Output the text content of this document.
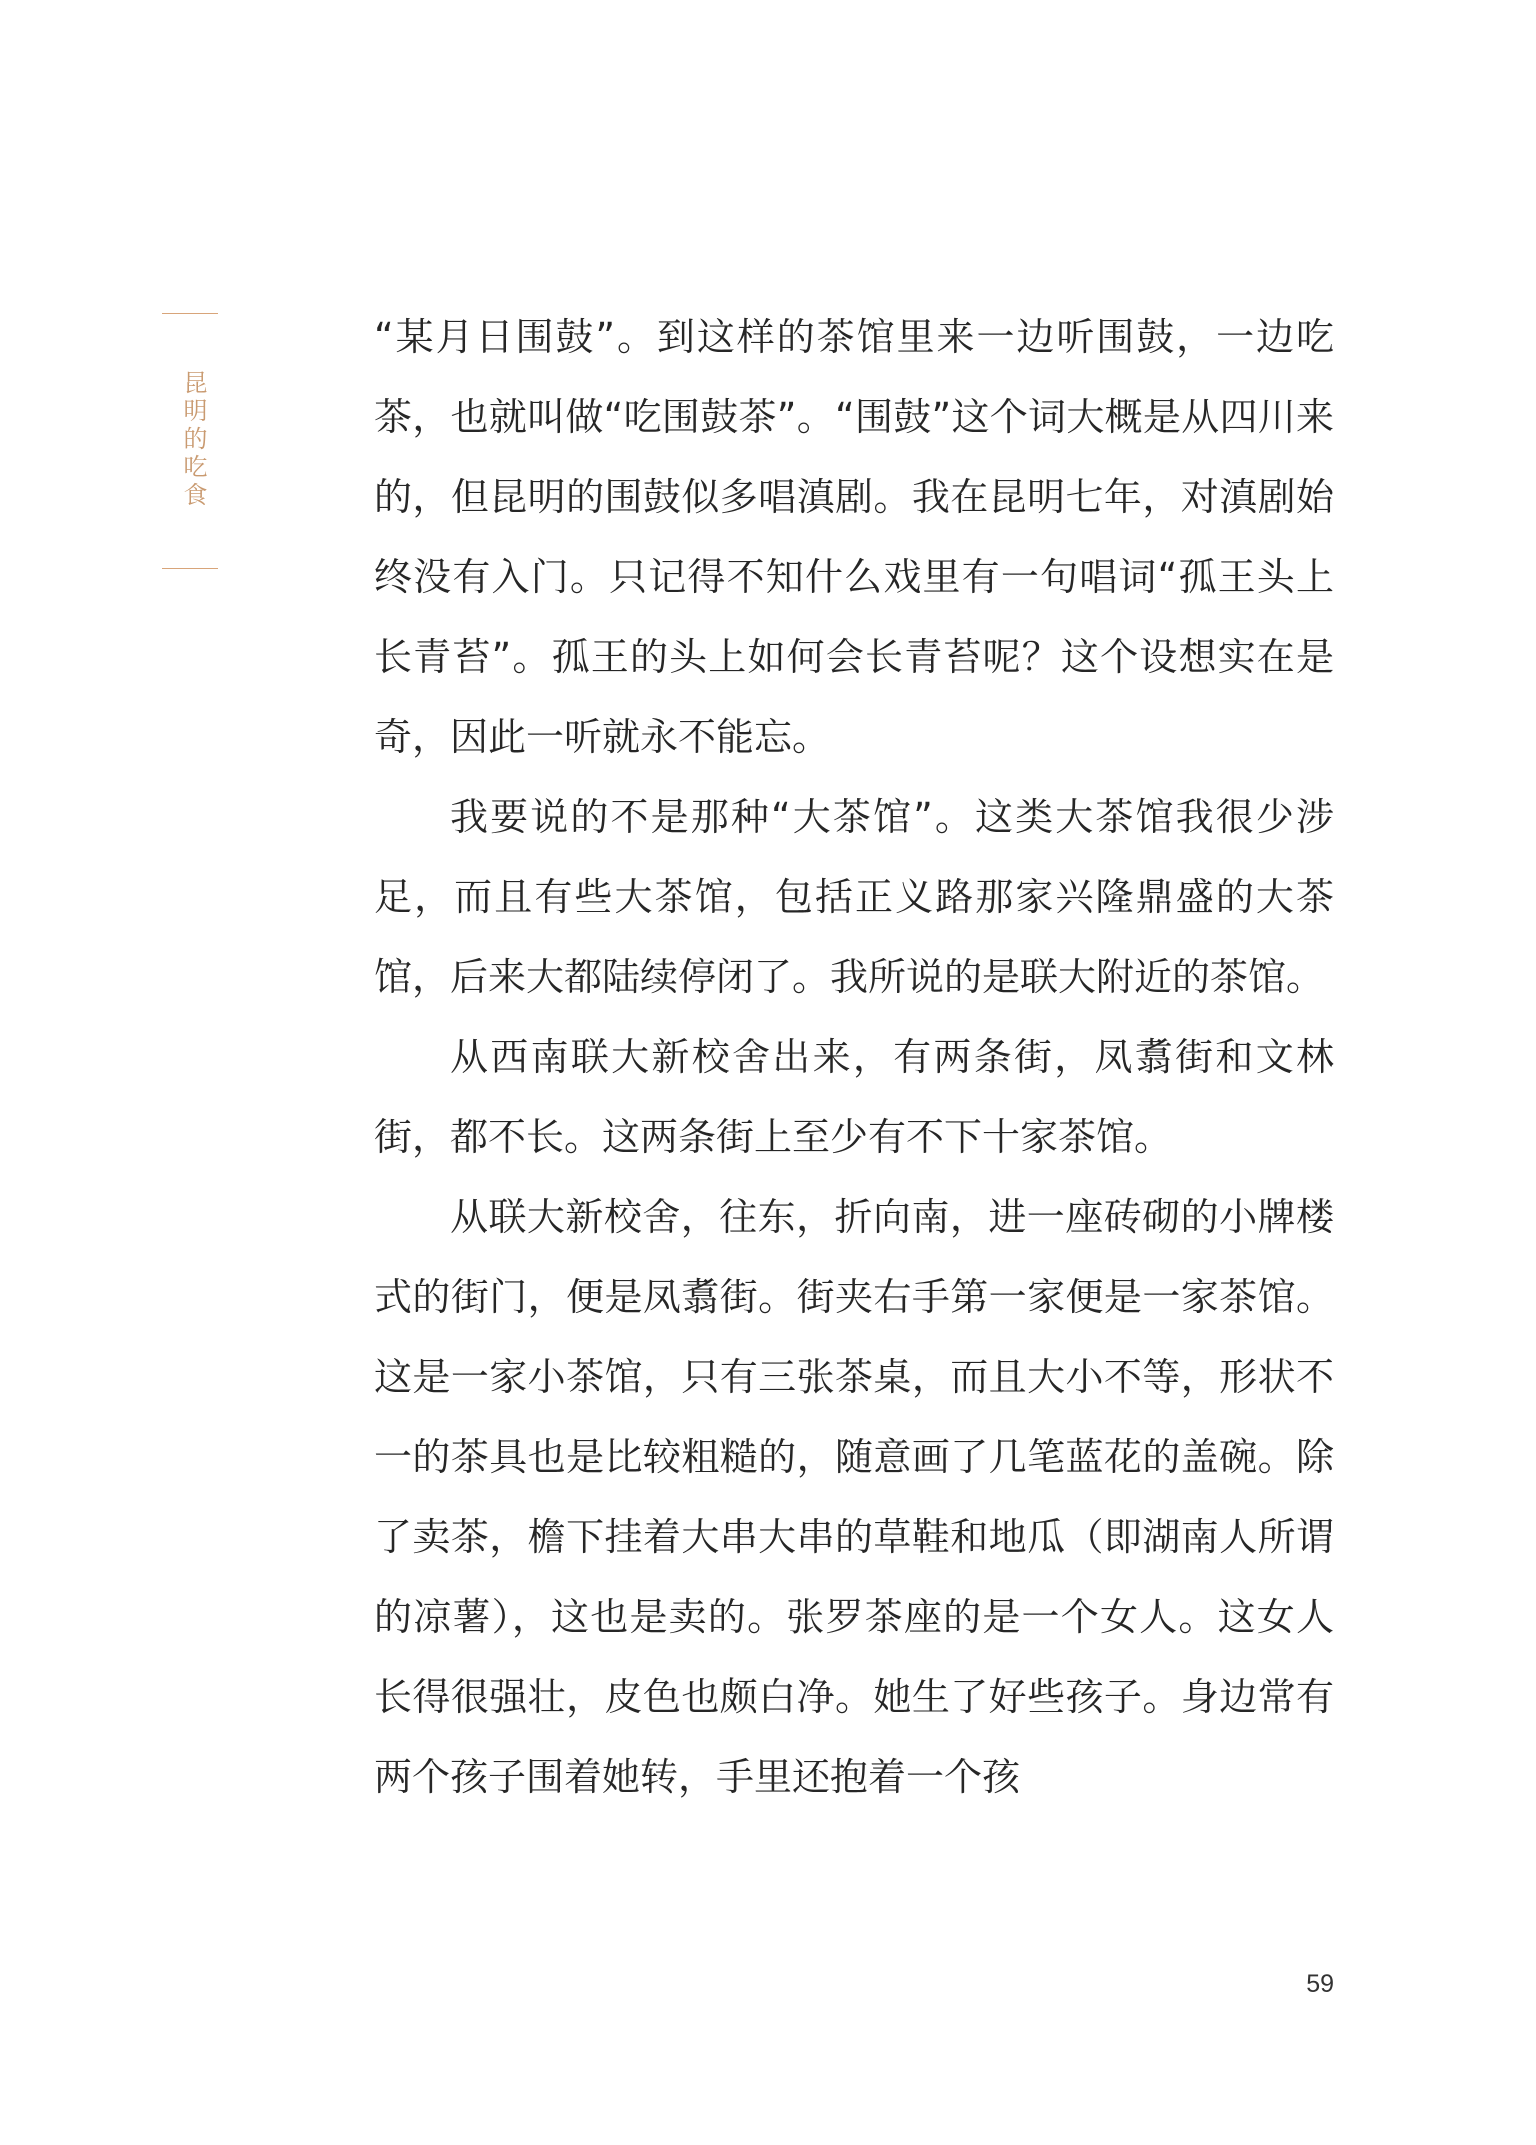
昆明的吃食

“某月日围鼓”。到这样的茶馆里来一边听围鼓，一边吃茶，也就叫做“吃围鼓茶”。“围鼓”这个词大概是从四川来的，但昆明的围鼓似多唱滇剧。我在昆明七年，对滇剧始终没有入门。只记得不知什么戏里有一句唱词“孤王头上长青苔”。孤王的头上如何会长青苔呢？这个设想实在是奇，因此一听就永不能忘。

我要说的不是那种“大茶馆”。这类大茶馆我很少涉足，而且有些大茶馆，包括正义路那家兴隆鼎盛的大茶馆，后来大都陆续停闭了。我所说的是联大附近的茶馆。

从西南联大新校舍出来，有两条街，凤翥街和文林街，都不长。这两条街上至少有不下十家茶馆。

从联大新校舍，往东，折向南，进一座砖砌的小牌楼式的街门，便是凤翥街。街夹右手第一家便是一家茶馆。这是一家小茶馆，只有三张茶桌，而且大小不等，形状不一的茶具也是比较粗糙的，随意画了几笔蓝花的盖碗。除了卖茶，檐下挂着大串大串的草鞋和地瓜（即湖南人所谓的凉薯），这也是卖的。张罗茶座的是一个女人。这女人长得很强壮，皮色也颇白净。她生了好些孩子。身边常有两个孩子围着她转，手里还抱着一个孩

59
